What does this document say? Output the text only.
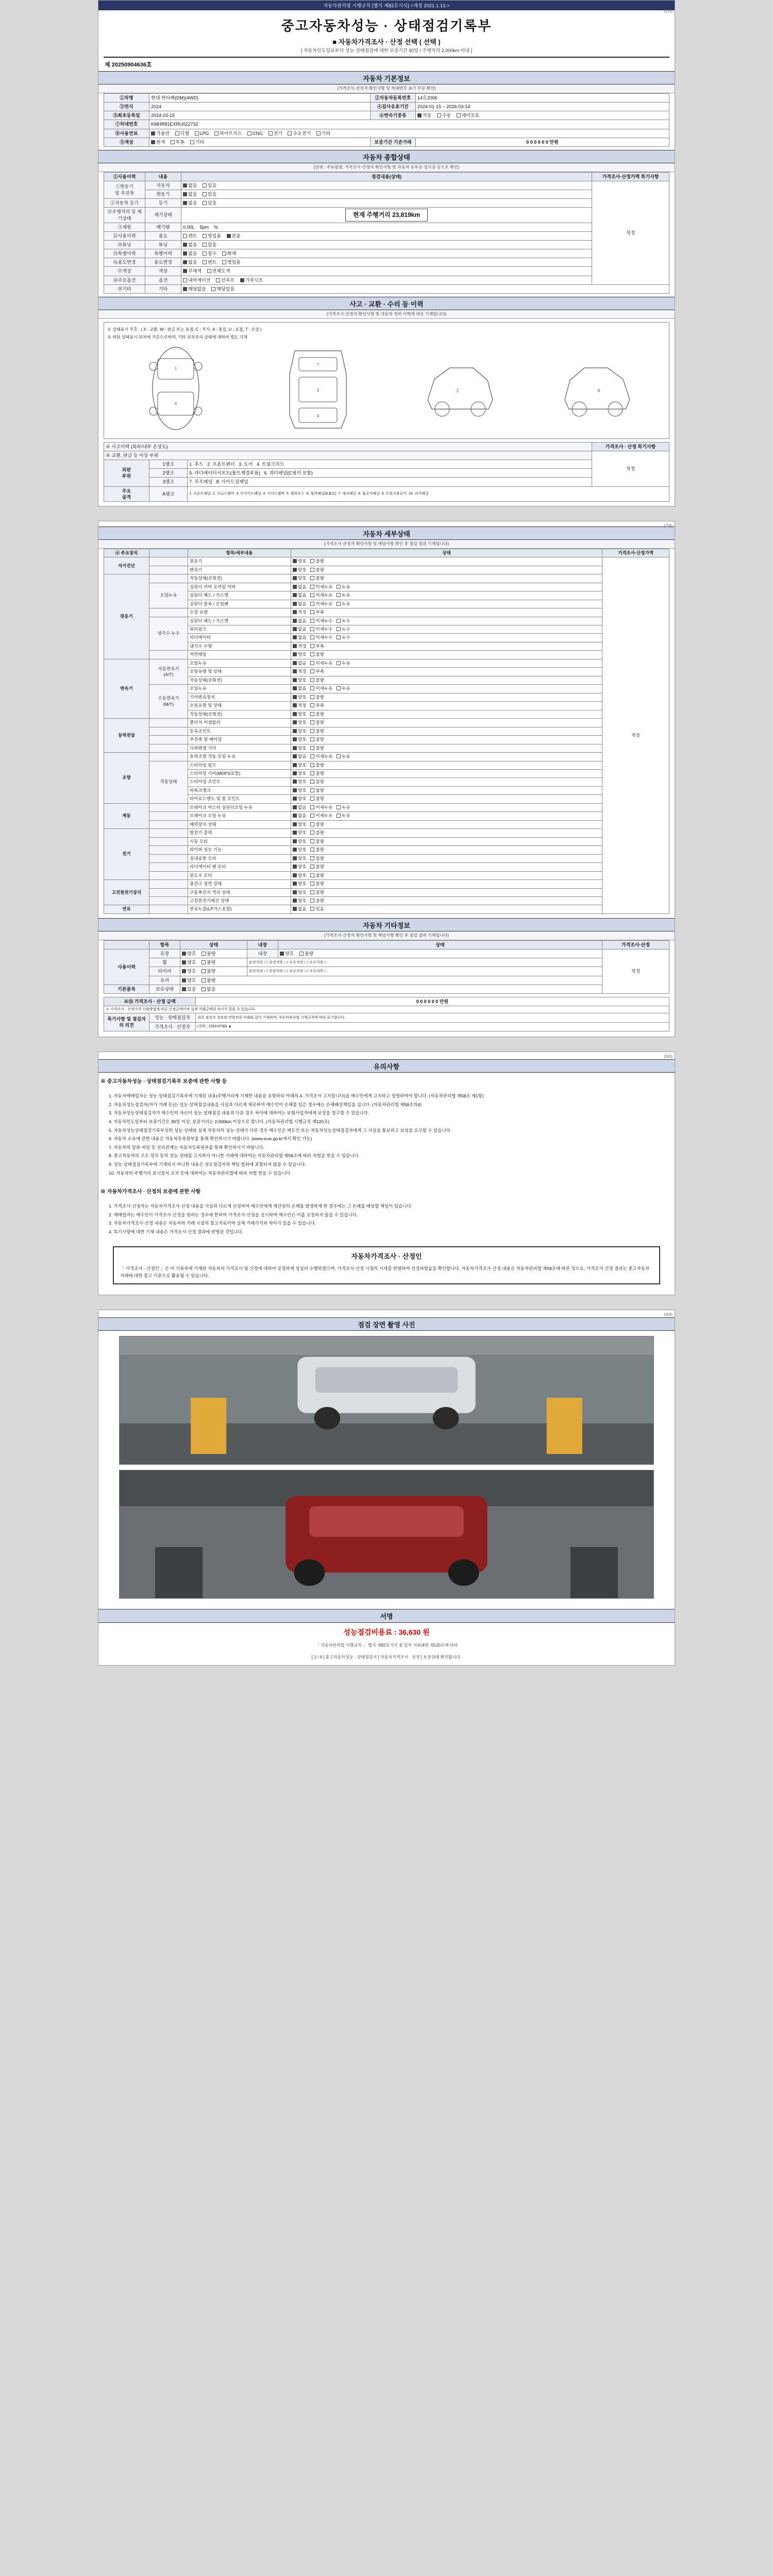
자동차관리법 시행규칙 [별지 제82호서식] <개정 2021.1.13.>
(1/4)
중고자동차성능 · 상태점검기록부
■ 자동차가격조사 · 산정 선택 ( 선택 )
[ 자동차인도일로부터 성능·상태점검에 대한 보증기간 30일 / 주행거리 2,000km 이내 ]
제 20250904636호
자동차 기본정보
(가격조사·산정자 확인사항 및 차대번호 표기 부분 확인)
①차명	현대 싼타페(DM)(4WD)	②자동차등록번호	14호2006
③연식	2024	④검사유효기간	2024-01-15 ~ 2026-03-14
⑤최초등록일	2024-03-15	⑥변속기종류	자동 수동 세미오토
⑦차대번호	KMHR81EXRU022732		
⑧사용연료	가솔린 디젤 LPG 하이브리드 CNG 전기 수소전기 기타		
⑤색상	원색 투톤 기타	보증기간 기준거래	0 0 0 0 0 0 만원
자동차 종합상태
(단위 : 주유불량, 가격조사·산정자 확인사항 및 자동차 등록증·검사증 등으로 확인)
①사용이력	내용	점검내용(상태)	가격조사·산정가액 특기사항
①원동기
및 추진축	자동차	없음 있음	적정
	원동기	없음 있음	
②자동차 등기	등기	없음 있음	
⑪주행거리 및 계기상태	계기상태	현재 주행거리 23,819km	
③제원	배기량	0.00L    5pm    %	
⑫사용이력	용도	렌트 영업용 관용	
⑭튜닝	튜닝	없음 있음	
⑮특별이력	특별이력	없음 침수 화재	
⑯용도변경	용도변경	없음 렌트 영업용	
⑰색상	색상	무채색 전체도색	
⑱주요옵션	옵션	내비게이션 선루프 가죽시트	
⑲기타	기타	해당없음 해당있음	
사고 · 교환 · 수리 등 이력
(가격조사·산정자 확인사항 및 자동차 정비 이력에 따른 기재됩니다)
※ 상태표시 부호 : ( X : 교환, W : 판금 또는 용접, C : 부식, A : 흠집, U : 요철, T : 손상 )
※ 하단 상태표시 위치에 기준으로하며, 기타 위치주의 상태에 대하여 별도 기재
1
4
7
3
4
2	8
※ 사고이력 (외부/내부 손상도)			가격조사 · 산정 특기사항
※ 교환, 판금 등 이상 부위			적정
외판
부위	1랭크	1. 후드 2. 프론트펜더 3. 도어 4. 트렁크리드	
	2랭크	5. 라디에이터서포트(볼트체결부품) 6. 쿼터패널(C필러 포함)	
	3랭크	7. 루프패널 8. 사이드실패널	
주요
골격	A랭크	1. 프론트패널 2. 크로스멤버 3. 인사이드패널 4. 사이드멤버 5. 휠하우스 6. 필러패널(A,B,C) 7. 대쉬패널 8. 플로어패널 9. 트렁크플로어 10. 리어패널	
(2/4)
자동차 세부상태
(가격조사·산정자 확인사항 및 해당사항 확인 후 점검 결과 기재됩니다)
④ 주요장치		항목/세부내용	상태	가격조사·산정가액
자가진단		원동기	양호 불량	적정
		변속기	양호 불량	
원동기		작동상태(공회전)	양호 불량	
	오일누유	실린더 커버 로커암 커버	없음 미세누유 누유	
		실린더 헤드 / 가스켓	없음 미세누유 누유	
		실린더 블록 / 오일팬	없음 미세누유 누유	
		오일 유량	적정 부족	
	냉각수 누수	실린더 헤드 / 가스켓	없음 미세누수 누수	
		워터펌프	없음 미세누수 누수	
		라디에이터	없음 미세누수 누수	
		냉각수 수량	적정 부족	
		커먼레일	양호 불량	
변속기	자동변속기
(A/T)	오일누유	없음 미세누유 누유	
		오일유량 및 상태	적정 부족	
		작동상태(공회전)	양호 불량	
	수동변속기
(M/T)	오일누유	없음 미세누유 누유	
		기어변속장치	양호 불량	
		오일유량 및 상태	적정 부족	
		작동상태(공회전)	양호 불량	
동력전달		클러치 어셈블리	양호 불량	
		등속조인트	양호 불량	
		추진축 및 베어링	양호 불량	
		디퍼렌셜 기어	양호 불량	
조향		동력조향 작동 오일 누유	없음 미세누유 누유	
	작동상태	스티어링 펌프	양호 불량	
		스티어링 기어(MDPS포함)	양호 불량	
		스티어링 조인트	양호 불량	
		파워크랭크	양호 불량	
		타이로드엔드 및 볼 조인트	양호 불량	
제동		브레이크 마스터 실린더오일 누유	없음 미세누유 누유	
		브레이크 오일 누유	없음 미세누유 누유	
		배력장치 상태	양호 불량	
전기		발전기 출력	양호 불량	
		시동 모터	양호 불량	
		와이퍼 성능 기능	양호 불량	
		실내송풍 모터	양호 불량	
		라디에이터 팬 모터	양호 불량	
		윈도우 모터	양호 불량	
고전원전기장치		충전구 절연 상태	양호 불량	
		구동축전지 격리 상태	양호 불량	
		고전원전기배선 상태	양호 불량	
연료		연료누출(LP가스포함)	없음 있음	
자동차 기타정보
(가격조사·산정자 확인사항 및 해당사항 확인 후 점검 결과 기재됩니다)
	항목	상태	내장	상태	가격조사·산정
사용이력	유광	양호 불량	내장	양호 불량	적정
	휠	양호 불량	운전석전 □ / 운전석후 □ / 조수석전 □ / 조수석후 □		
	타이어	양호 불량	운전석전 □ / 운전석후 □ / 조수석전 □ / 조수석후 □		
	유리	양호 불량			
기본품목	보유상태	있음 없음			
※⑮ 가격조사 · 산정 금액		0 0 0 0 0 0 만원
※ 가격조사 · 산정가격 산출방법에 따른 산정금액이며 실제 거래금액과 차이가 있을 수 있습니다.		
특기사항 및 점검자의 의견	성능 · 상태점검자	최종 점검자 정보와 연락처를 아래와 같이 기재하며, 자동차관리법 시행규칙에 따라 표기합니다.
	가격조사 · 산정자	(전화 : 1533-0730) ▲
(3/4)
유의사항
※ 중고자동차성능 · 상태점검기록부 보증에 관한 사항 등
1. 자동차매매업자는 성능·상태점검기록부에 기재된 내용(주행거리에 기재한 내용을 포함하되 아래의 4. 가격조사 고지합니다)을 매수인에게 고지하고 설명하여야 합니다. (자동차관리법 제58조 제1항)
2. 자동차성능점검자(자가 거래 등)는 성능·상태점검내용을 사실과 다르게 제공하여 매수인이 손해를 입은 경우에는 손해배상책임을 집니다. (자동차관리법 제58조의4)
3. 자동차성능상태점검자가 매수인의 자신이 성능·상태점검 내용과 다른 경우 차이에 대하여는 보험사업자에게 보상을 청구할 수 있습니다.
4. 자동차인도일부터 보증기간은 30일 이상, 보증거리는 2,000km 이상으로 합니다. (자동차관리법 시행규칙 제120조)
5. 자동차성능상태점검기록부상의 성능·상태와 실제 자동차의 성능·상태가 다른 경우 매수인은 매도인 또는 자동차성능상태점검자에게 그 사실을 통보하고 보상을 요구할 수 있습니다.
6. 자동차 소유에 관한 내용은 자동차등록원부를 통해 확인하시기 바랍니다. (www.ecar.go.kr에서 확인 가능)
7. 자동차의 압류·저당 등 권리관계는 자동차등록원부를 통해 확인하시기 바랍니다.
8. 중고자동차의 구조·장치 등의 성능·상태를 고지하지 아니한 거래에 대하여는 자동차관리법 제58조에 따라 처벌을 받을 수 있습니다.
9. 성능·상태점검기록부에 기재되지 아니한 내용은 성능점검자의 책임 범위에 포함되지 않을 수 있습니다.
10. 자동차의 주행거리 표시장치 조작 등에 대하여는 자동차관리법에 따라 처벌 받을 수 있습니다.
※ 자동차가격조사 · 산정의 보증에 관한 사항
1. 가격조사·산정자는 자동차가격조사·산정 내용을 사실과 다르게 산정하여 매수인에게 재산상의 손해를 발생하게 한 경우에는 그 손해를 배상할 책임이 있습니다.
2. 매매업자는 매수인이 가격조사·산정을 원하는 경우에 한하여 가격조사·산정을 실시하며 매수인은 이를 요청하지 않을 수 있습니다.
3. 자동차가격조사·산정 내용은 자동차의 거래 시점의 참고자료이며 실제 거래가격과 차이가 있을 수 있습니다.
4. 특기사항에 대한 기재 내용은 가격조사·산정 결과에 반영된 것입니다.
자동차가격조사 · 산정인
「 가격조사 · 산정인 」은 이 기록부에 기재된 자동차의 가격조사 및 산정에 대하여 공정하게 성실히 수행하였으며, 가격조사·산정 시점의 시세를 반영하여 산정하였음을 확인합니다. 자동차가격조사·산정 내용은 자동차관리법 제58조에 따른 것으로, 가격조사·산정 결과는 중고자동차 거래에 대한 참고 기준으로 활용될 수 있습니다.
(4/4)
점검 장면 촬영 사진
서명
성능점검비용료 : 36,630 원
「 자동차관리법 시행규칙 」 별지 제82호서식 중 일부 서류(4면 제120조에 따라
[ 1 / 4 ] 중고자동차성능 · 상태점검서 [ 자동차가격조사 · 산정 ] 보장상태 확인합니다.
